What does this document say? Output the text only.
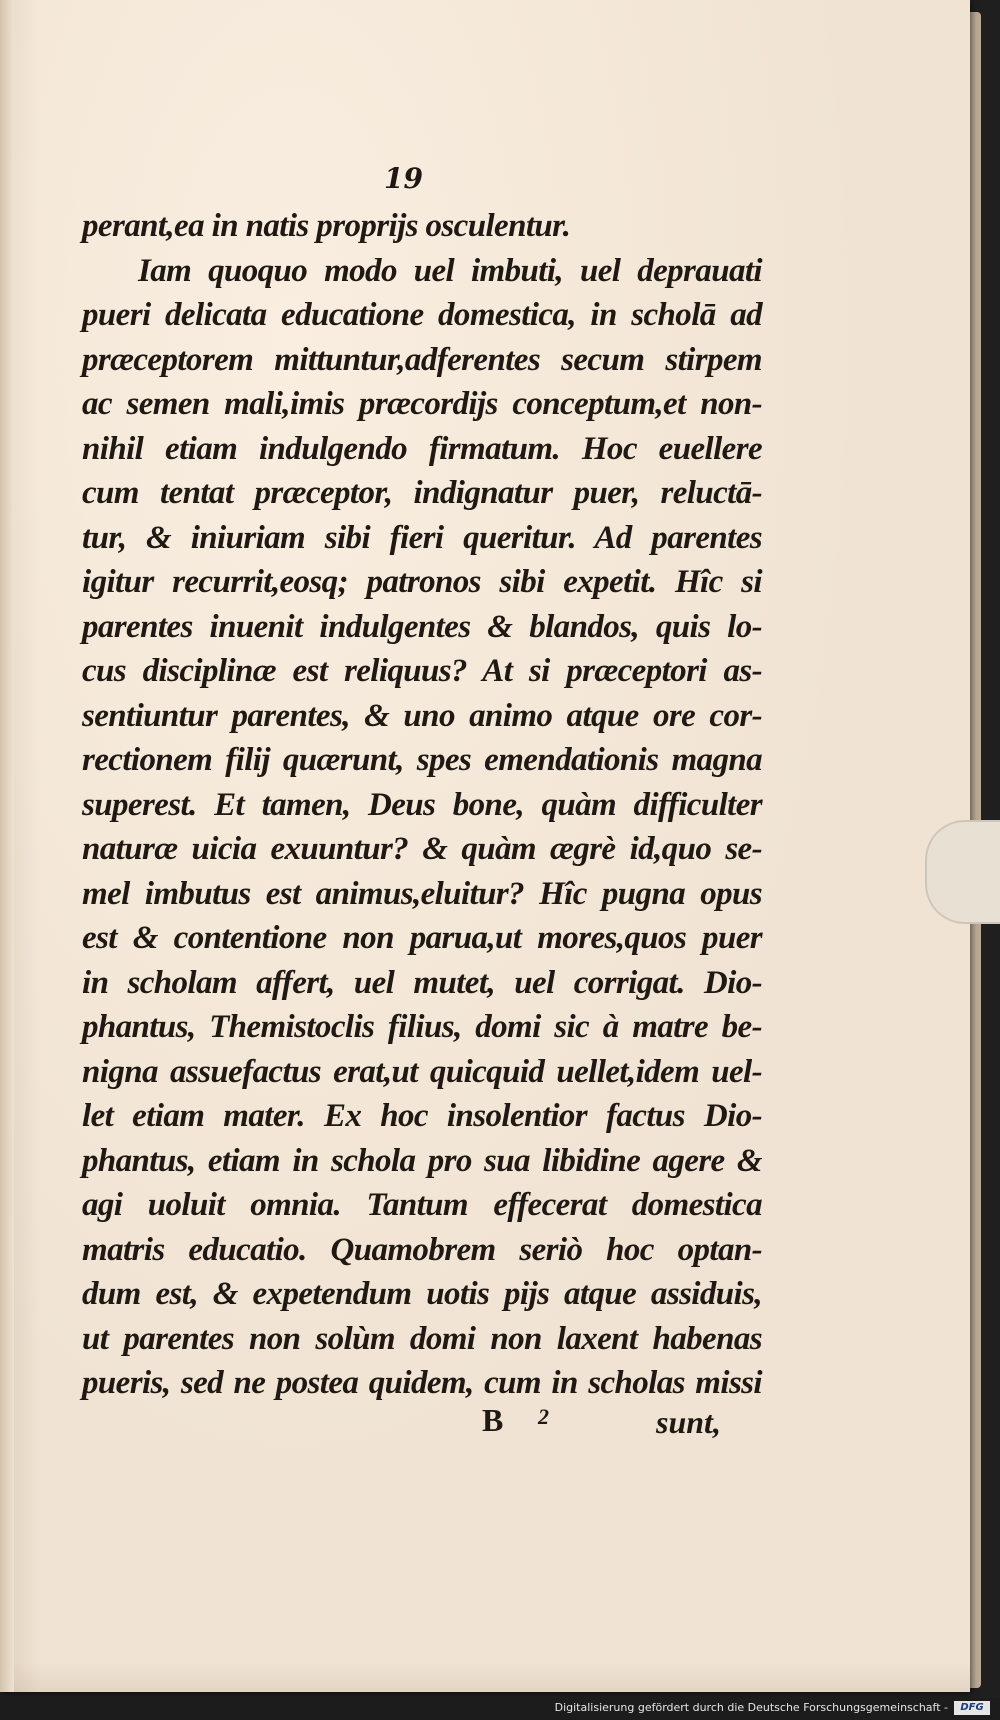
19
perant,ea in natis proprijs osculentur.
Iam quoquo modo uel imbuti, uel deprauati
pueri delicata educatione domestica, in scholā ad
præceptorem mittuntur,adferentes secum stirpem
ac semen mali,imis præcordijs conceptum,et non-
nihil etiam indulgendo firmatum. Hoc euellere
cum tentat præceptor, indignatur puer, reluctā-
tur, & iniuriam sibi fieri queritur. Ad parentes
igitur recurrit,eosq; patronos sibi expetit. Hîc si
parentes inuenit indulgentes & blandos, quis lo-
cus disciplinæ est reliquus? At si præceptori as-
sentiuntur parentes, & uno animo atque ore cor-
rectionem filij quærunt, spes emendationis magna
superest. Et tamen, Deus bone, quàm difficulter
naturæ uicia exuuntur? & quàm ægrè id,quo se-
mel imbutus est animus,eluitur? Hîc pugna opus
est & contentione non parua,ut mores,quos puer
in scholam affert, uel mutet, uel corrigat. Dio-
phantus, Themistoclis filius, domi sic à matre be-
nigna assuefactus erat,ut quicquid uellet,idem uel-
let etiam mater. Ex hoc insolentior factus Dio-
phantus, etiam in schola pro sua libidine agere &
agi uoluit omnia. Tantum effecerat domestica
matris educatio. Quamobrem seriò hoc optan-
dum est, & expetendum uotis pijs atque assiduis,
ut parentes non solùm domi non laxent habenas
pueris, sed ne postea quidem, cum in scholas missi
B 2	sunt,
Digitalisierung gefördert durch die Deutsche Forschungsgemeinschaft -	DFG
